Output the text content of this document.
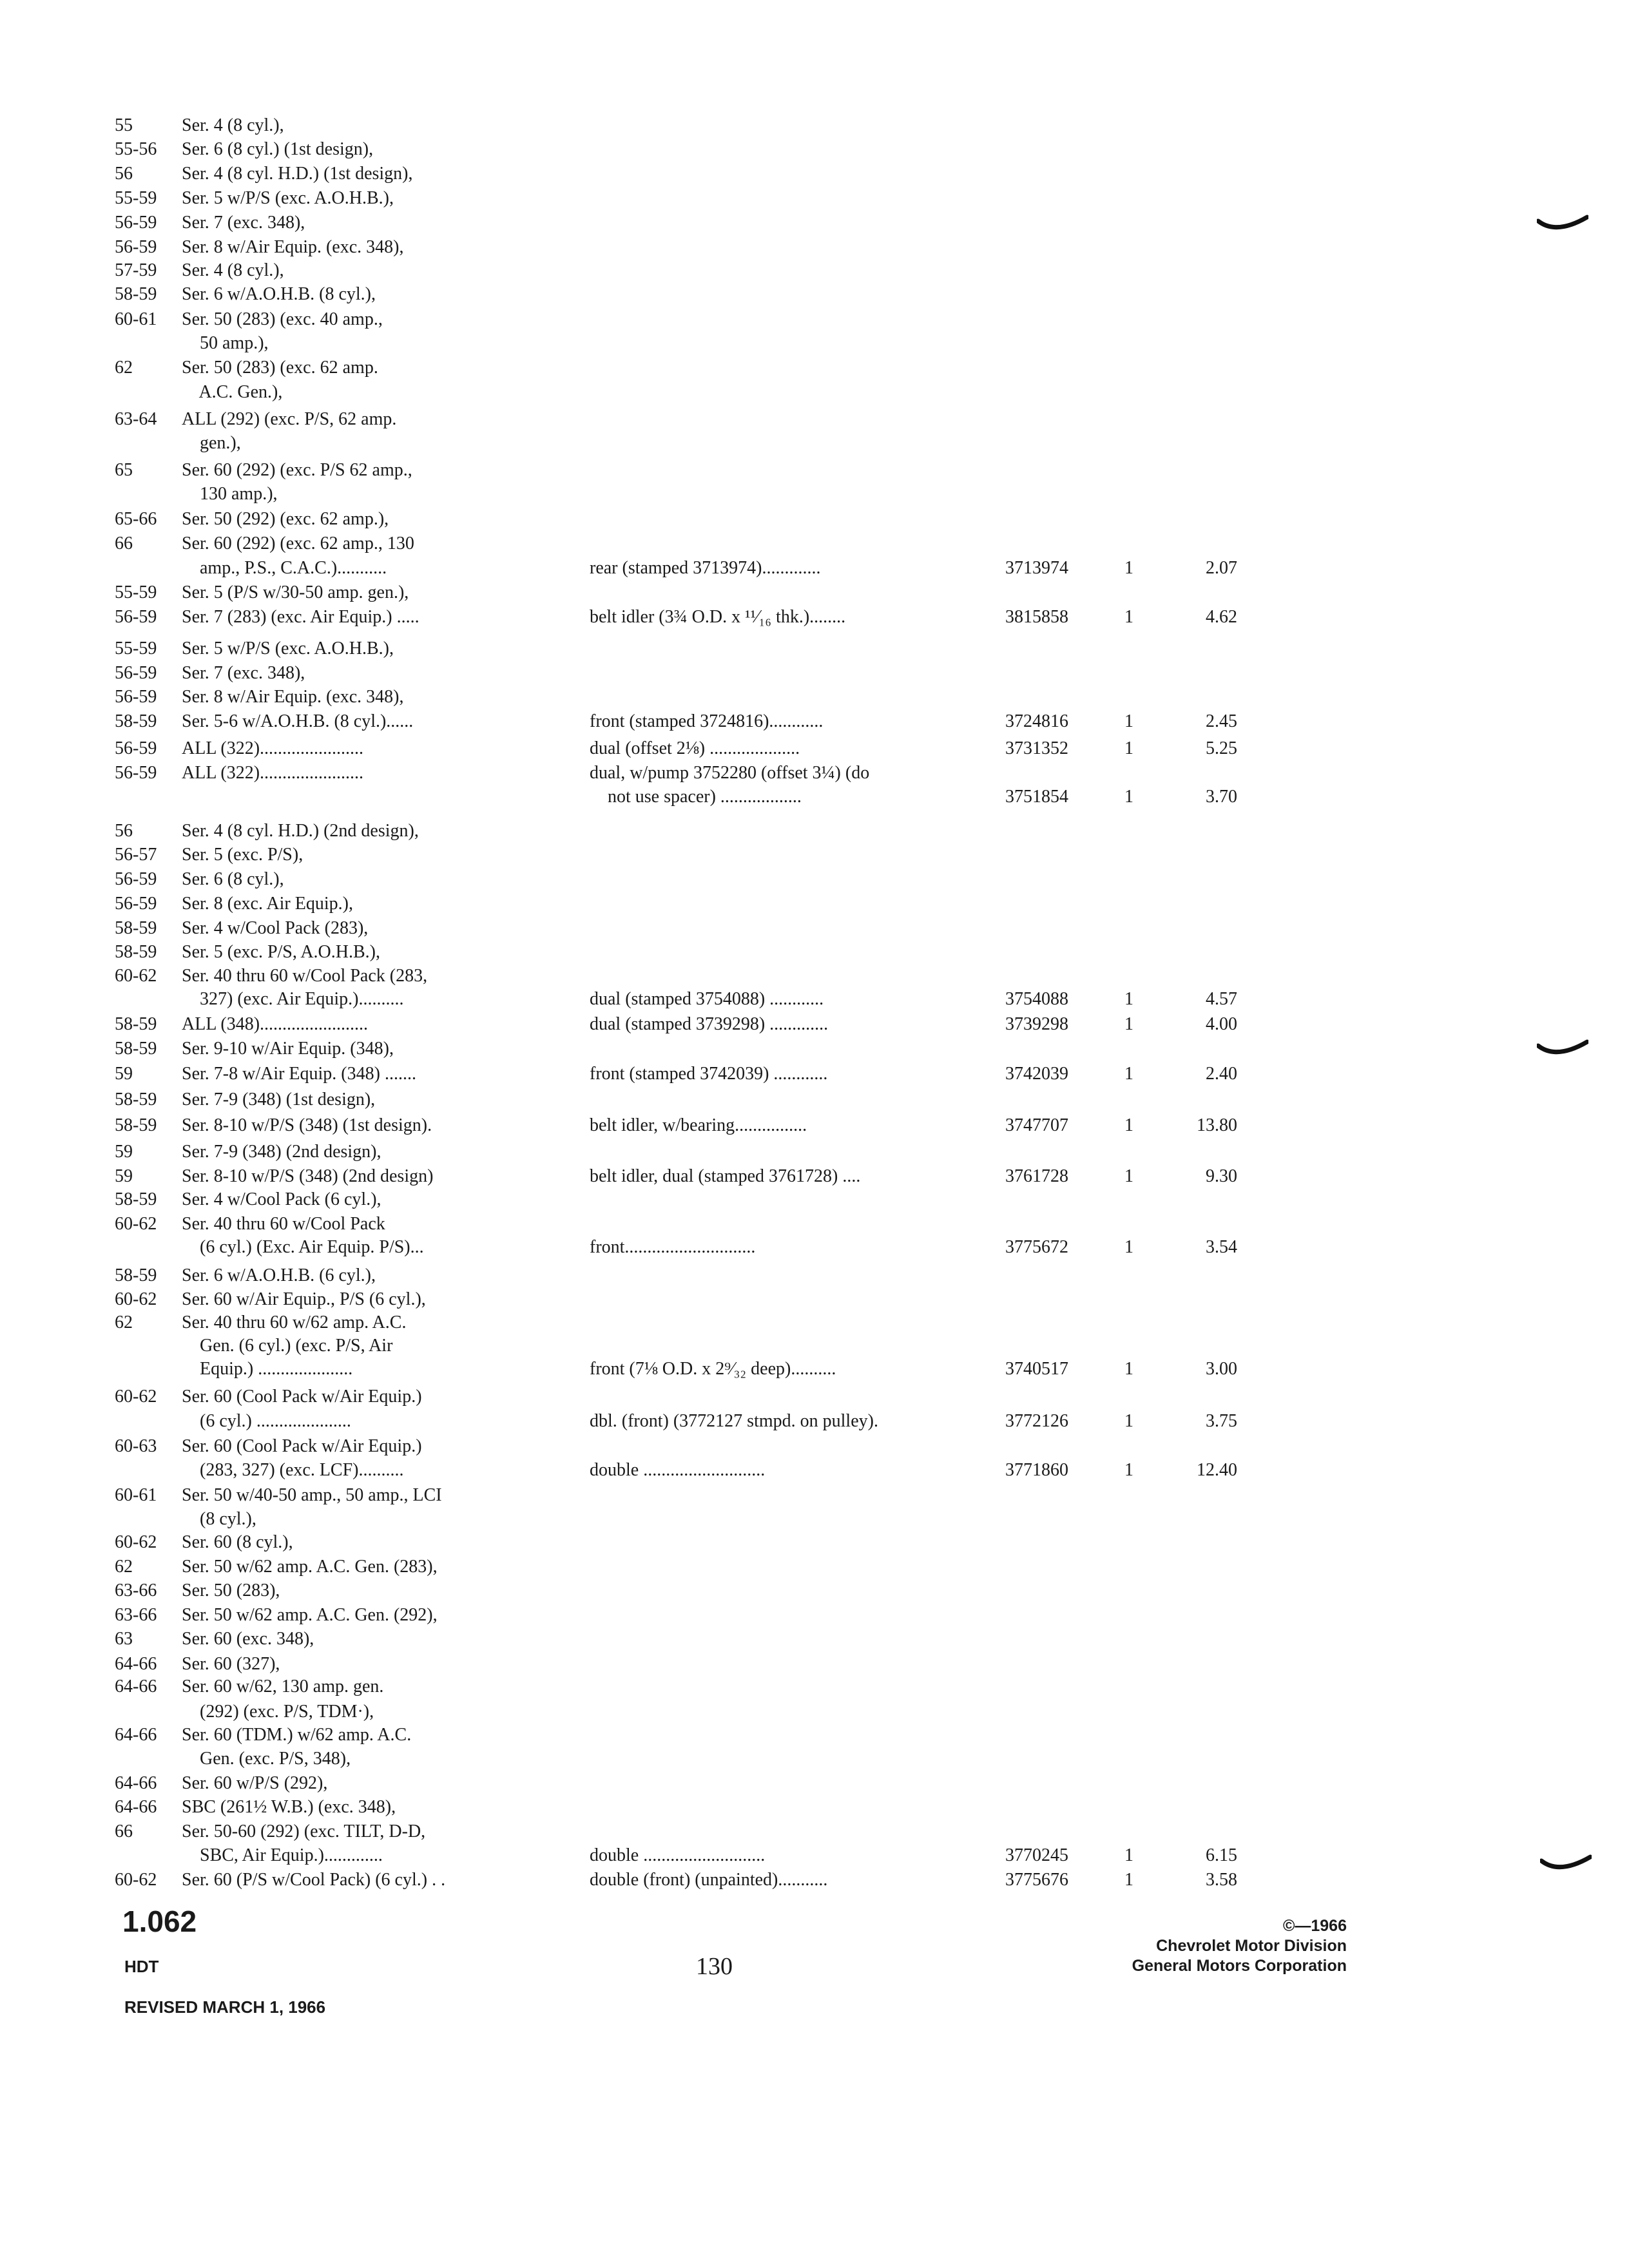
55	Ser. 4 (8 cyl.),
55-56 Ser. 6 (8 cyl.) (1st design),
56	Ser. 4 (8 cyl. H.D.) (1st design),
55-59 Ser. 5 w/P/S (exc. A.O.H.B.),
56-59 Ser. 7 (exc. 348),
56-59 Ser. 8 w/Air Equip. (exc. 348),
57-59 Ser. 4 (8 cyl.),
58-59 Ser. 6 w/A.O.H.B. (8 cyl.),
60-61 Ser. 50 (283) (exc. 40 amp.,
50 amp.),
62	Ser. 50 (283) (exc. 62 amp.
A.C. Gen.),
63-64 ALL (292) (exc. P/S, 62 amp.
gen.),
65	Ser. 60 (292) (exc. P/S 62 amp.,
130 amp.),
65-66 Ser. 50 (292) (exc. 62 amp.),
66	Ser. 60 (292) (exc. 62 amp., 130
amp., P.S., C.A.C.)...........	rear (stamped 3713974).............	3713974	1	2.07
55-59 Ser. 5 (P/S w/30-50 amp. gen.),
56-59 Ser. 7 (283) (exc. Air Equip.) .....	belt idler (3¾ O.D. x ¹¹⁄₁₆ thk.)........	3815858	1	4.62
55-59 Ser. 5 w/P/S (exc. A.O.H.B.),
56-59 Ser. 7 (exc. 348),
56-59 Ser. 8 w/Air Equip. (exc. 348),
58-59 Ser. 5-6 w/A.O.H.B. (8 cyl.)......	front (stamped 3724816)............	3724816	1	2.45
56-59 ALL (322).......................	dual (offset 2⅛) ....................	3731352	1	5.25
56-59 ALL (322).......................	dual, w/pump 3752280 (offset 3¼) (do
not use spacer) ..................	3751854	1	3.70
56	Ser. 4 (8 cyl. H.D.) (2nd design),
56-57 Ser. 5 (exc. P/S),
56-59 Ser. 6 (8 cyl.),
56-59 Ser. 8 (exc. Air Equip.),
58-59 Ser. 4 w/Cool Pack (283),
58-59 Ser. 5 (exc. P/S, A.O.H.B.),
60-62 Ser. 40 thru 60 w/Cool Pack (283,
327) (exc. Air Equip.)..........	dual (stamped 3754088) ............	3754088	1	4.57
58-59 ALL (348)........................	dual (stamped 3739298) .............	3739298	1	4.00
58-59 Ser. 9-10 w/Air Equip. (348),
59	Ser. 7-8 w/Air Equip. (348) .......	front (stamped 3742039) ............	3742039	1	2.40
58-59 Ser. 7-9 (348) (1st design),
58-59 Ser. 8-10 w/P/S (348) (1st design).	belt idler, w/bearing................	3747707	1	13.80
59	Ser. 7-9 (348) (2nd design),
59	Ser. 8-10 w/P/S (348) (2nd design)	belt idler, dual (stamped 3761728) ....	3761728	1	9.30
58-59 Ser. 4 w/Cool Pack (6 cyl.),
60-62 Ser. 40 thru 60 w/Cool Pack
(6 cyl.) (Exc. Air Equip. P/S)...	front.............................	3775672	1	3.54
58-59 Ser. 6 w/A.O.H.B. (6 cyl.),
60-62 Ser. 60 w/Air Equip., P/S (6 cyl.),
62	Ser. 40 thru 60 w/62 amp. A.C.
Gen. (6 cyl.) (exc. P/S, Air
Equip.) .....................	front (7⅛ O.D. x 2⁹⁄₃₂ deep)..........	3740517	1	3.00
60-62 Ser. 60 (Cool Pack w/Air Equip.)
(6 cyl.) .....................	dbl. (front) (3772127 stmpd. on pulley).	3772126	1	3.75
60-63 Ser. 60 (Cool Pack w/Air Equip.)
(283, 327) (exc. LCF)..........	double ...........................	3771860	1	12.40
60-61 Ser. 50 w/40-50 amp., 50 amp., LCI
(8 cyl.),
60-62 Ser. 60 (8 cyl.),
62	Ser. 50 w/62 amp. A.C. Gen. (283),
63-66 Ser. 50 (283),
63-66 Ser. 50 w/62 amp. A.C. Gen. (292),
63	Ser. 60 (exc. 348),
64-66 Ser. 60 (327),
64-66 Ser. 60 w/62, 130 amp. gen.
(292) (exc. P/S, TDM·),
64-66 Ser. 60 (TDM.) w/62 amp. A.C.
Gen. (exc. P/S, 348),
64-66 Ser. 60 w/P/S (292),
64-66 SBC (261½ W.B.) (exc. 348),
66	Ser. 50-60 (292) (exc. TILT, D-D,
SBC, Air Equip.).............	double ...........................	3770245	1	6.15
60-62 Ser. 60 (P/S w/Cool Pack) (6 cyl.) . .	double (front) (unpainted)...........	3775676	1	3.58
1.062
HDT
REVISED MARCH 1, 1966
130
©—1966
Chevrolet Motor Division
General Motors Corporation
